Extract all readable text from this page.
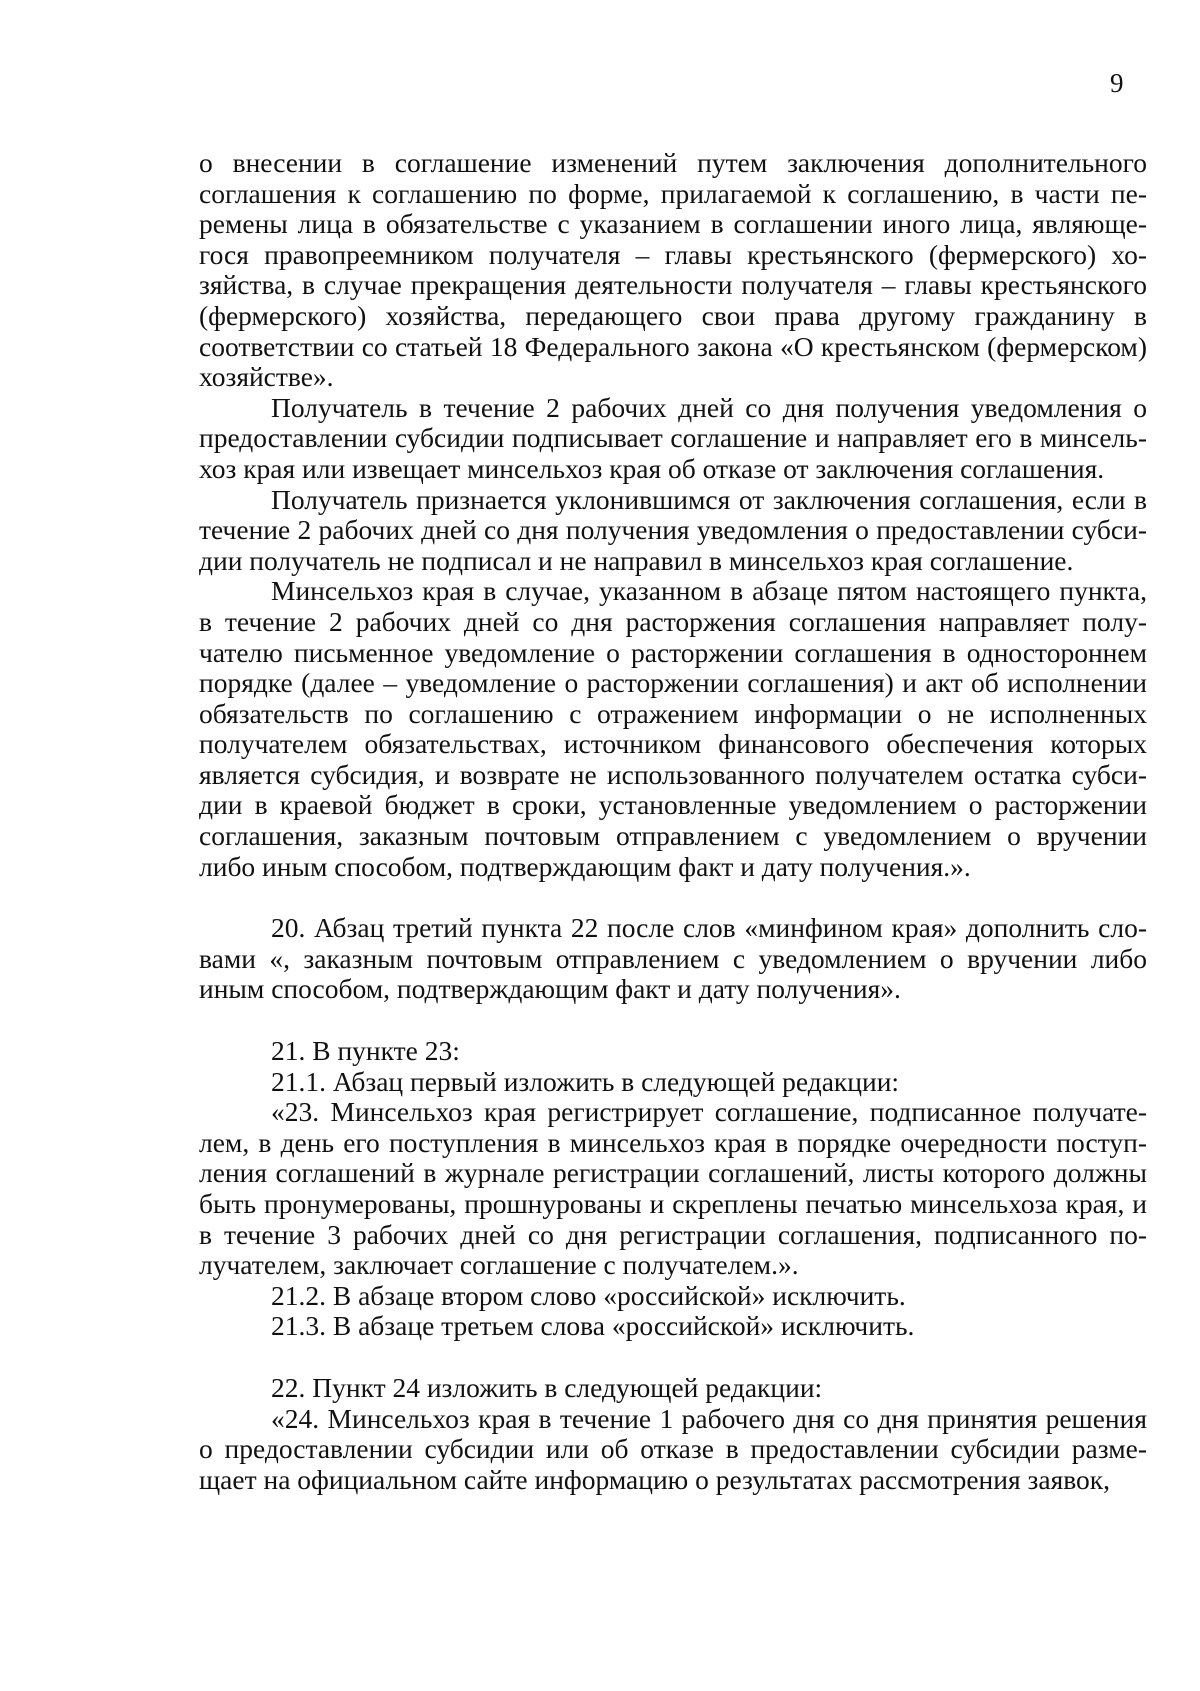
9

о внесении в соглашение изменений путем заключения дополнительного соглашения к соглашению по форме, прилагаемой к соглашению, в части перемены лица в обязательстве с указанием в соглашении иного лица, являющегося правопреемником получателя – главы крестьянского (фермерского) хозяйства, в случае прекращения деятельности получателя – главы крестьянского (фермерского) хозяйства, передающего свои права другому гражданину в соответствии со статьей 18 Федерального закона «О крестьянском (фермерском) хозяйстве».

Получатель в течение 2 рабочих дней со дня получения уведомления о предоставлении субсидии подписывает соглашение и направляет его в минсельхоз края или извещает минсельхоз края об отказе от заключения соглашения.

Получатель признается уклонившимся от заключения соглашения, если в течение 2 рабочих дней со дня получения уведомления о предоставлении субсидии получатель не подписал и не направил в минсельхоз края соглашение.

Минсельхоз края в случае, указанном в абзаце пятом настоящего пункта, в течение 2 рабочих дней со дня расторжения соглашения направляет получателю письменное уведомление о расторжении соглашения в одностороннем порядке (далее – уведомление о расторжении соглашения) и акт об исполнении обязательств по соглашению с отражением информации о не исполненных получателем обязательствах, источником финансового обеспечения которых является субсидия, и возврате не использованного получателем остатка субсидии в краевой бюджет в сроки, установленные уведомлением о расторжении соглашения, заказным почтовым отправлением с уведомлением о вручении либо иным способом, подтверждающим факт и дату получения.».

20. Абзац третий пункта 22 после слов «минфином края» дополнить словами «, заказным почтовым отправлением с уведомлением о вручении либо иным способом, подтверждающим факт и дату получения».

21. В пункте 23:

21.1. Абзац первый изложить в следующей редакции:

«23. Минсельхоз края регистрирует соглашение, подписанное получателем, в день его поступления в минсельхоз края в порядке очередности поступления соглашений в журнале регистрации соглашений, листы которого должны быть пронумерованы, прошнурованы и скреплены печатью минсельхоза края, и в течение 3 рабочих дней со дня регистрации соглашения, подписанного получателем, заключает соглашение с получателем.».

21.2. В абзаце втором слово «российской» исключить.

21.3. В абзаце третьем слова «российской» исключить.

22. Пункт 24 изложить в следующей редакции:

«24. Минсельхоз края в течение 1 рабочего дня со дня принятия решения о предоставлении субсидии или об отказе в предоставлении субсидии размещает на официальном сайте информацию о результатах рассмотрения заявок,
